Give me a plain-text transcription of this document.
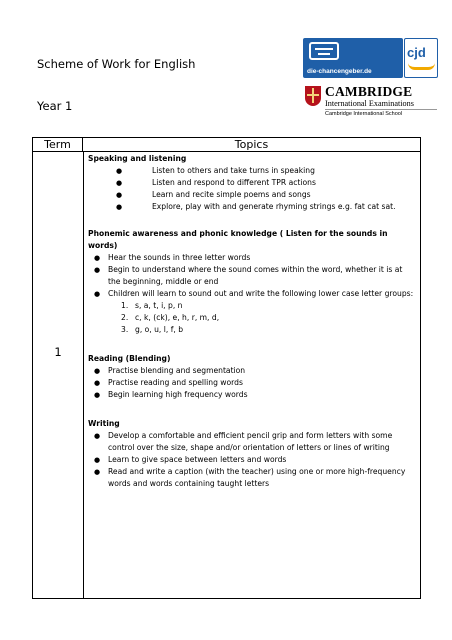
Scheme of Work for English
Year 1
die-chancengeber.de
cjd
CAMBRIDGE
International Examinations
Cambridge International School
Term	Topics
1
Speaking and listening
●	Listen to others and take turns in speaking
●	Listen and respond to different TPR actions
●	Learn and recite simple poems and songs
●	Explore, play with and generate rhyming strings e.g. fat cat sat.
Phonemic awareness and phonic knowledge ( Listen for the sounds in words)
● Hear the sounds in three letter words
● Begin to understand where the sound comes within the word, whether it is at the beginning, middle or end
● Children will learn to sound out and write the following lower case letter groups:
1. s, a, t, i, p, n
2. c, k, (ck), e, h, r, m, d,
3. g, o, u, l, f, b
Reading (Blending)
● Practise blending and segmentation
● Practise reading and spelling words
● Begin learning high frequency words
Writing
● Develop a comfortable and efficient pencil grip and form letters with some control over the size, shape and/or orientation of letters or lines of writing
● Learn to give space between letters and words
● Read and write a caption (with the teacher) using one or more high-frequency words and words containing taught letters
